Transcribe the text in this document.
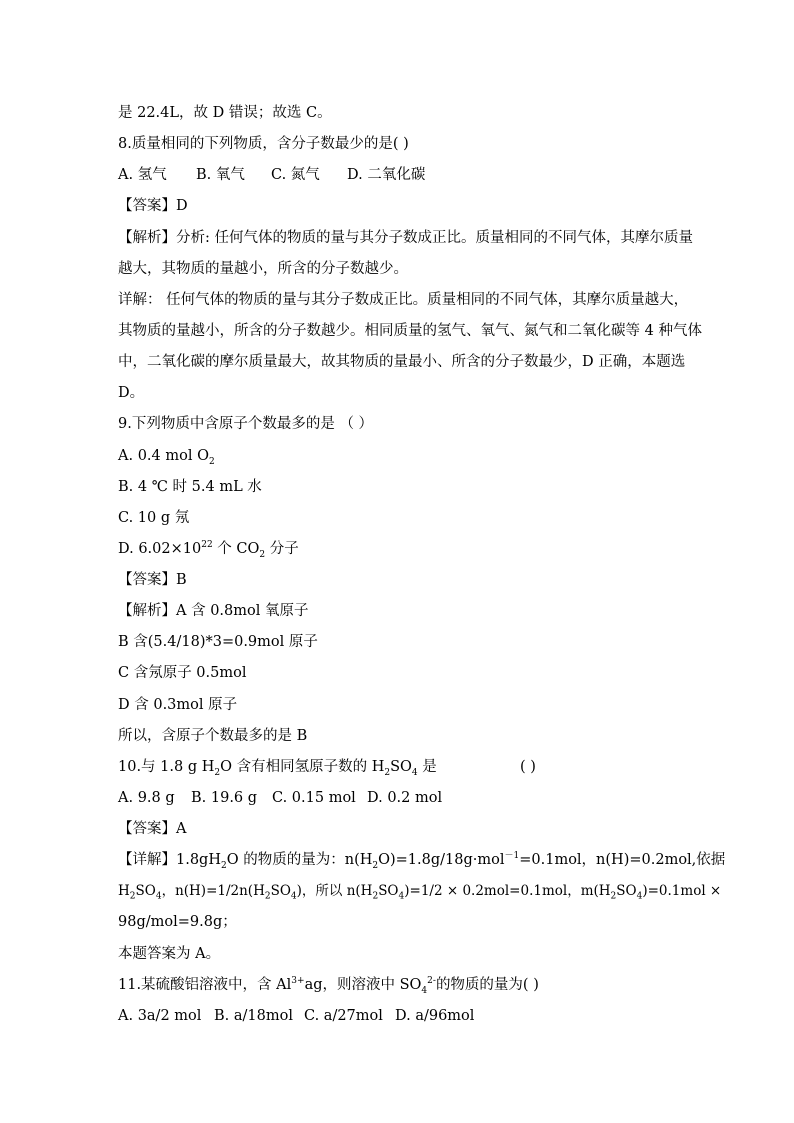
是 22.4L，故 D 错误；故选 C。
8.质量相同的下列物质，含分子数最少的是( )
A. 氢气 B. 氧气 C. 氮气 D. 二氧化碳
【答案】D
【解析】分析: 任何气体的物质的量与其分子数成正比。质量相同的不同气体，其摩尔质量
越大，其物质的量越小，所含的分子数越少。
详解： 任何气体的物质的量与其分子数成正比。质量相同的不同气体，其摩尔质量越大，
其物质的量越小，所含的分子数越少。相同质量的氢气、氧气、氮气和二氧化碳等 4 种气体
中，二氧化碳的摩尔质量最大，故其物质的量最小、所含的分子数最少，D 正确，本题选
D。
9.下列物质中含原子个数最多的是 （ ）
A. 0.4 mol $O_2$
B. 4 ℃ 时 5.4 mL 水
C. 10 g 氖
D. $6.02\times 10^{22}$ 个 $CO_2$ 分子
【答案】B
【解析】A 含 0.8mol 氧原子
B 含(5.4/18)*3=0.9mol 原子
C 含氖原子 0.5mol
D 含 0.3mol 原子
所以，含原子个数最多的是 B
10.与 1.8 g $H_2O$ 含有相同氢原子数的 $H_2SO_4$ 是	( )
A. 9.8 g B. 19.6 g C. 0.15 mol D. 0.2 mol
【答案】A
【详解】$1.8gH_2O$ 的物质的量为：$n(H_2O)=1.8g/18g\cdot mol^{-1}=0.1mol$，n(H)=0.2mol,依据
$H_2SO_4$，$n(H)=1/2n(H_2SO_4)$，所以 $n(H_2SO_4)=1/2 \times 0.2mol=0.1mol$，$m(H_2SO_4)=0.1mol$ ×
98g/mol=9.8g；
本题答案为 A。
11.某硫酸铝溶液中，含 $Al^{3+}ag$，则溶液中 $SO_4^{2-}$的物质的量为( )
A. 3a/2 mol B. a/18mol C. a/27mol D. a/96mol
